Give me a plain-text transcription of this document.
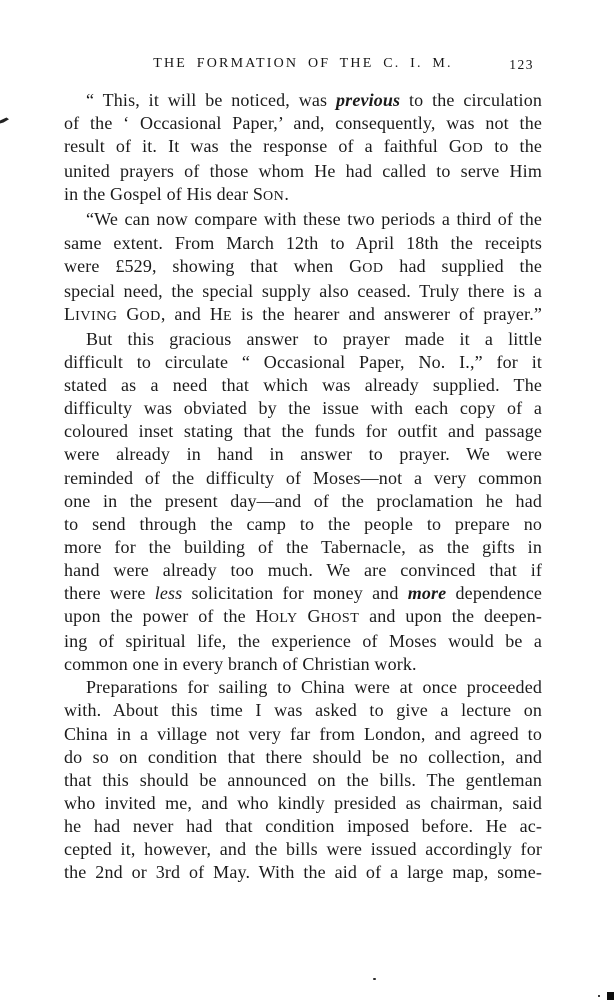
THE FORMATION OF THE C. I. M.	123
“ This, it will be noticed, was previous to the circulation
of the ‘ Occasional Paper,’ and, consequently, was not the
result of it. It was the response of a faithful GOD to the
united prayers of those whom He had called to serve Him
in the Gospel of His dear SON.
“We can now compare with these two periods a third of the
same extent. From March 12th to April 18th the receipts
were £529, showing that when GOD had supplied the
special need, the special supply also ceased. Truly there is a
LIVING GOD, and HE is the hearer and answerer of prayer.”
But this gracious answer to prayer made it a little
difficult to circulate “ Occasional Paper, No. I.,” for it
stated as a need that which was already supplied. The
difficulty was obviated by the issue with each copy of a
coloured inset stating that the funds for outfit and passage
were already in hand in answer to prayer. We were
reminded of the difficulty of Moses—not a very common
one in the present day—and of the proclamation he had
to send through the camp to the people to prepare no
more for the building of the Tabernacle, as the gifts in
hand were already too much. We are convinced that if
there were less solicitation for money and more dependence
upon the power of the HOLY GHOST and upon the deepen-
ing of spiritual life, the experience of Moses would be a
common one in every branch of Christian work.
Preparations for sailing to China were at once proceeded
with. About this time I was asked to give a lecture on
China in a village not very far from London, and agreed to
do so on condition that there should be no collection, and
that this should be announced on the bills. The gentleman
who invited me, and who kindly presided as chairman, said
he had never had that condition imposed before. He ac-
cepted it, however, and the bills were issued accordingly for
the 2nd or 3rd of May. With the aid of a large map, some-
